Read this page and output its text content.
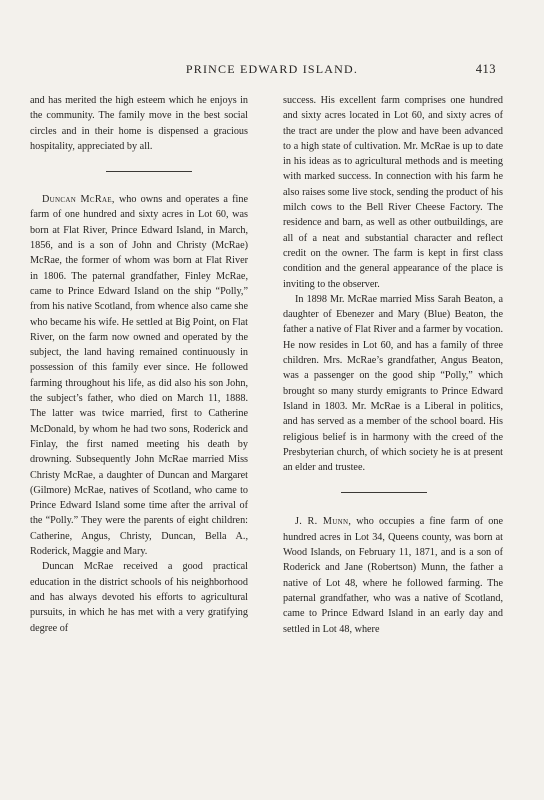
PRINCE EDWARD ISLAND.	413

and has merited the high esteem which he enjoys in the community. The family move in the best social circles and in their home is dispensed a gracious hospitality, appreciated by all.

Duncan McRae, who owns and operates a fine farm of one hundred and sixty acres in Lot 60, was born at Flat River, Prince Edward Island, in March, 1856, and is a son of John and Christy (McRae) McRae, the former of whom was born at Flat River in 1806. The paternal grandfather, Finley McRae, came to Prince Edward Island on the ship “Polly,” from his native Scotland, from whence also came she who became his wife. He settled at Big Point, on Flat River, on the farm now owned and operated by the subject, the land having remained continuously in possession of this family ever since. He followed farming throughout his life, as did also his son John, the subject’s father, who died on March 11, 1888. The latter was twice married, first to Catherine McDonald, by whom he had two sons, Roderick and Finlay, the first named meeting his death by drowning. Subsequently John McRae married Miss Christy McRae, a daughter of Duncan and Margaret (Gilmore) McRae, natives of Scotland, who came to Prince Edward Island some time after the arrival of the “Polly.” They were the parents of eight children: Catherine, Angus, Christy, Duncan, Bella A., Roderick, Maggie and Mary.

Duncan McRae received a good practical education in the district schools of his neighborhood and has always devoted his efforts to agricultural pursuits, in which he has met with a very gratifying degree of

success. His excellent farm comprises one hundred and sixty acres located in Lot 60, and sixty acres of the tract are under the plow and have been advanced to a high state of cultivation. Mr. McRae is up to date in his ideas as to agricultural methods and is meeting with marked success. In connection with his farm he also raises some live stock, sending the product of his milch cows to the Bell River Cheese Factory. The residence and barn, as well as other outbuildings, are all of a neat and substantial character and reflect credit on the owner. The farm is kept in first class condition and the general appearance of the place is inviting to the observer.

In 1898 Mr. McRae married Miss Sarah Beaton, a daughter of Ebenezer and Mary (Blue) Beaton, the father a native of Flat River and a farmer by vocation. He now resides in Lot 60, and has a family of three children. Mrs. McRae’s grandfather, Angus Beaton, was a passenger on the good ship “Polly,” which brought so many sturdy emigrants to Prince Edward Island in 1803. Mr. McRae is a Liberal in politics, and has served as a member of the school board. His religious belief is in harmony with the creed of the Presbyterian church, of which society he is at present an elder and trustee.

J. R. Munn, who occupies a fine farm of one hundred acres in Lot 34, Queens county, was born at Wood Islands, on February 11, 1871, and is a son of Roderick and Jane (Robertson) Munn, the father a native of Lot 48, where he followed farming. The paternal grandfather, who was a native of Scotland, came to Prince Edward Island in an early day and settled in Lot 48, where
